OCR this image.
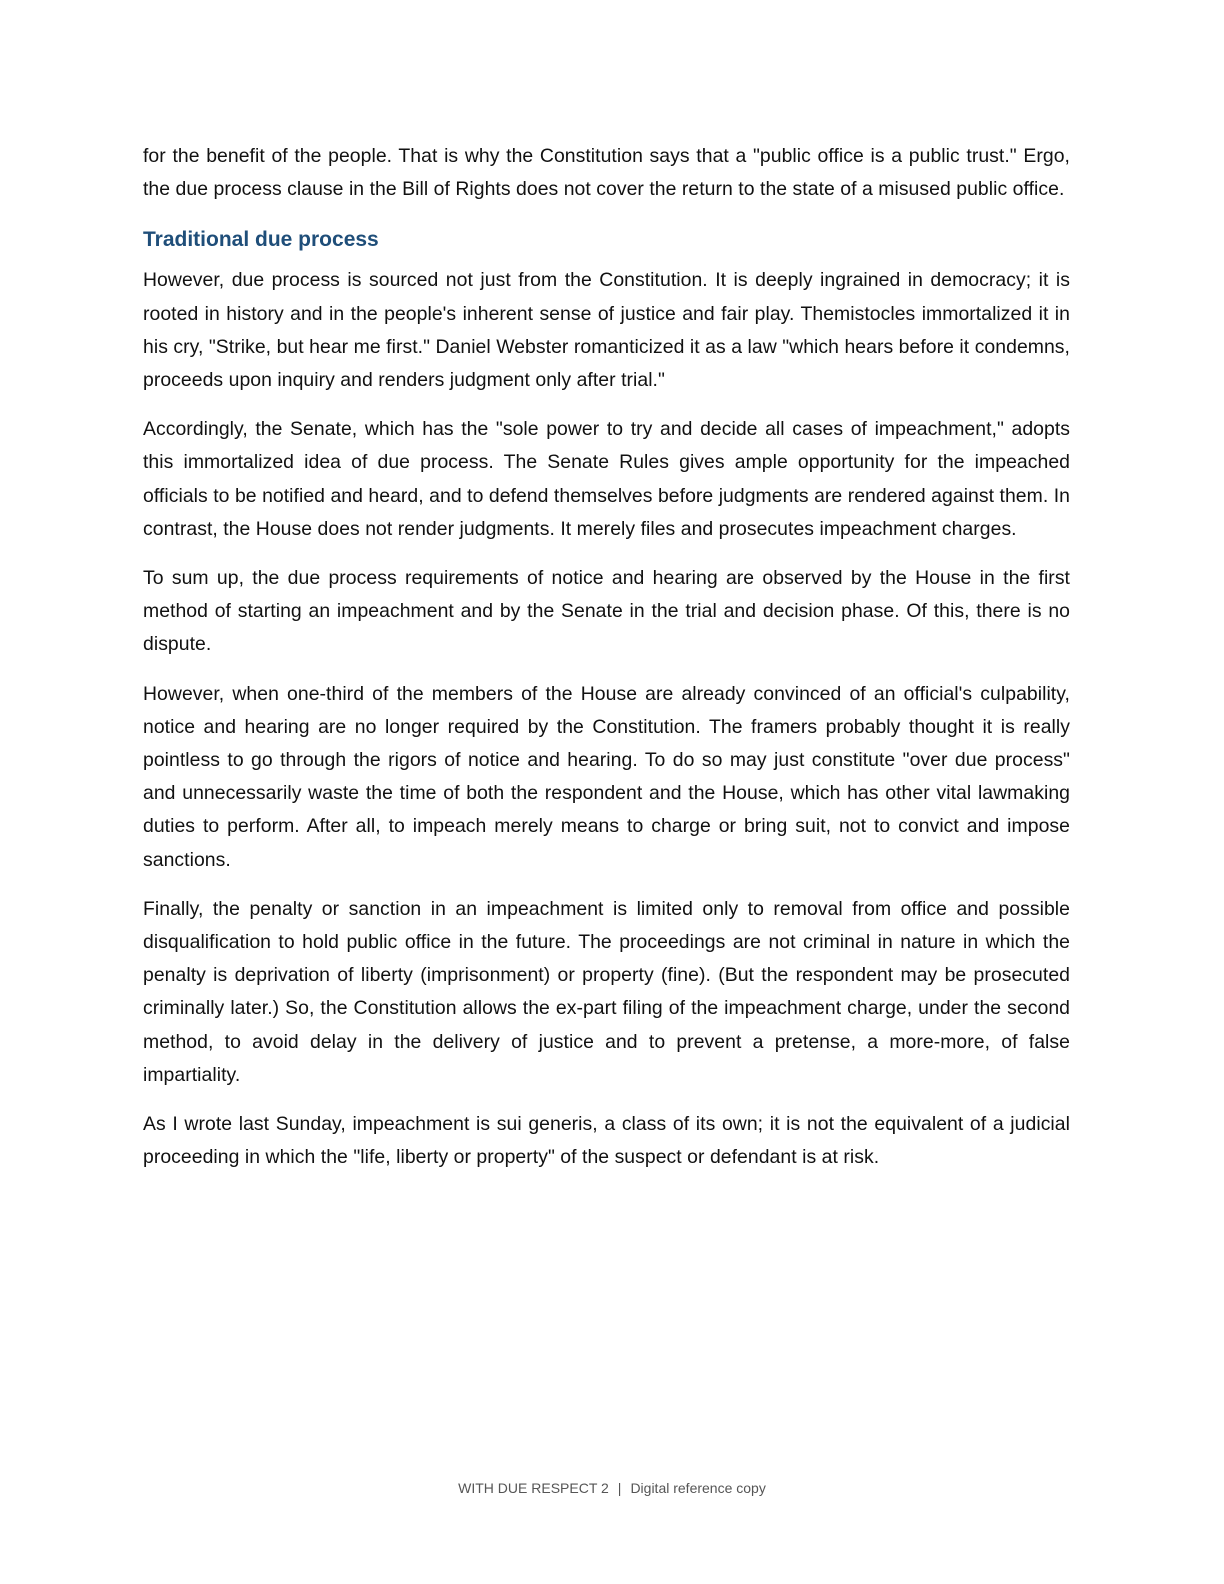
for the benefit of the people. That is why the Constitution says that a "public office is a public trust." Ergo, the due process clause in the Bill of Rights does not cover the return to the state of a misused public office.

Traditional due process

However, due process is sourced not just from the Constitution. It is deeply ingrained in democracy; it is rooted in history and in the people's inherent sense of justice and fair play. Themistocles immortalized it in his cry, "Strike, but hear me first." Daniel Webster romanticized it as a law "which hears before it condemns, proceeds upon inquiry and renders judgment only after trial."

Accordingly, the Senate, which has the "sole power to try and decide all cases of impeachment," adopts this immortalized idea of due process. The Senate Rules gives ample opportunity for the impeached officials to be notified and heard, and to defend themselves before judgments are rendered against them. In contrast, the House does not render judgments. It merely files and prosecutes impeachment charges.

To sum up, the due process requirements of notice and hearing are observed by the House in the first method of starting an impeachment and by the Senate in the trial and decision phase. Of this, there is no dispute.

However, when one-third of the members of the House are already convinced of an official's culpability, notice and hearing are no longer required by the Constitution. The framers probably thought it is really pointless to go through the rigors of notice and hearing. To do so may just constitute "over due process" and unnecessarily waste the time of both the respondent and the House, which has other vital lawmaking duties to perform. After all, to impeach merely means to charge or bring suit, not to convict and impose sanctions.

Finally, the penalty or sanction in an impeachment is limited only to removal from office and possible disqualification to hold public office in the future. The proceedings are not criminal in nature in which the penalty is deprivation of liberty (imprisonment) or property (fine). (But the respondent may be prosecuted criminally later.) So, the Constitution allows the ex-part filing of the impeachment charge, under the second method, to avoid delay in the delivery of justice and to prevent a pretense, a more-more, of false impartiality.

As I wrote last Sunday, impeachment is sui generis, a class of its own; it is not the equivalent of a judicial proceeding in which the "life, liberty or property" of the suspect or defendant is at risk.

WITH DUE RESPECT 2 | Digital reference copy
